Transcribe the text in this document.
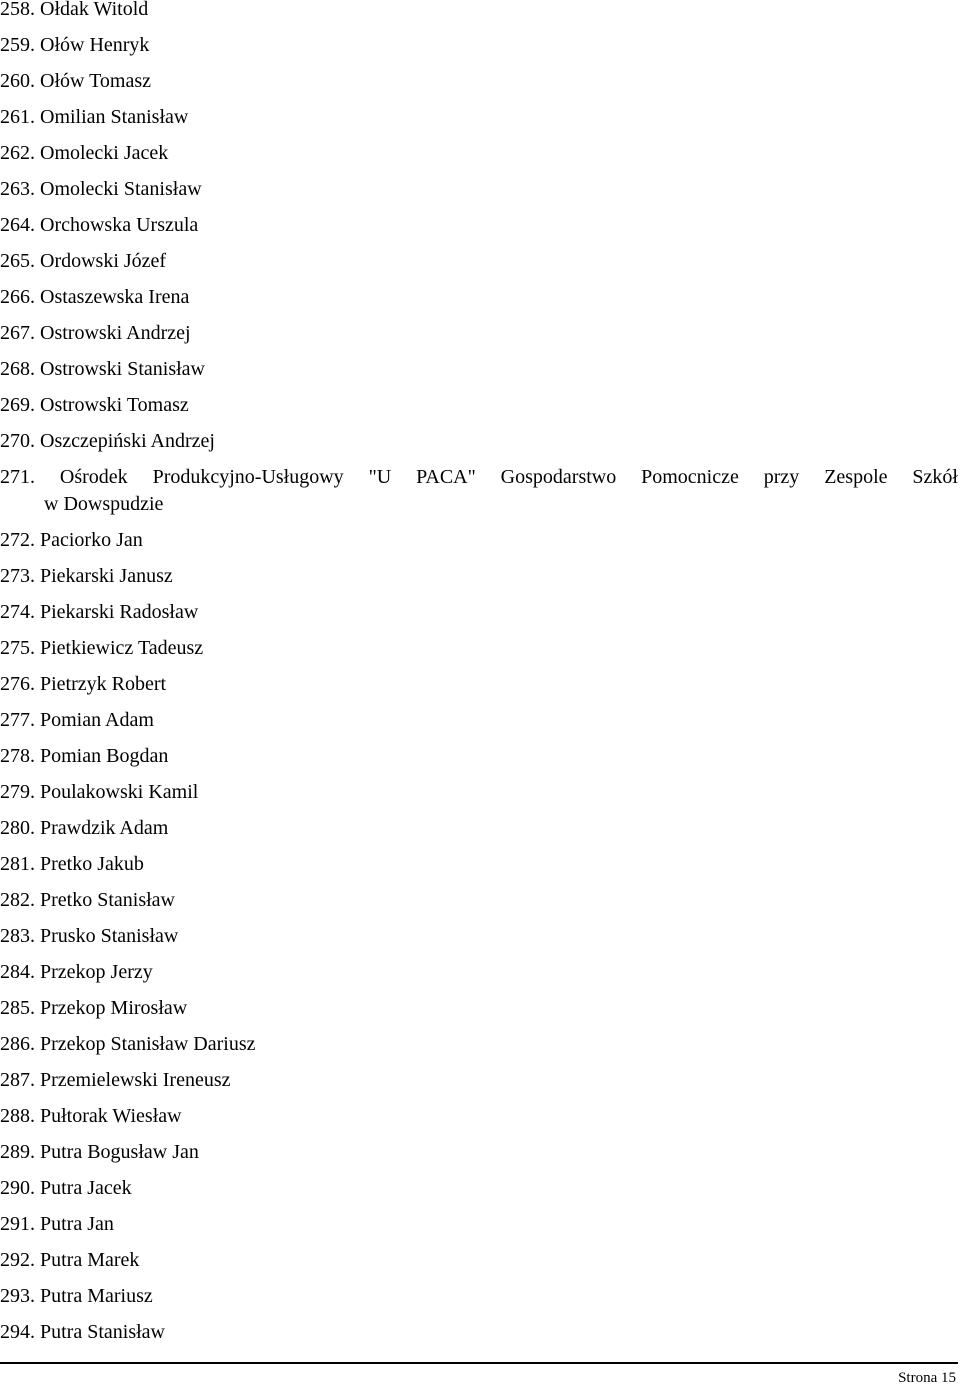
258. Ołdak Witold
259. Ołów Henryk
260. Ołów Tomasz
261. Omilian Stanisław
262. Omolecki Jacek
263. Omolecki Stanisław
264. Orchowska Urszula
265. Ordowski Józef
266. Ostaszewska Irena
267. Ostrowski Andrzej
268. Ostrowski Stanisław
269. Ostrowski Tomasz
270. Oszczepiński Andrzej
271. Ośrodek Produkcyjno-Usługowy "U PACA" Gospodarstwo Pomocnicze przy Zespole Szkół
w Dowspudzie
272. Paciorko Jan
273. Piekarski Janusz
274. Piekarski Radosław
275. Pietkiewicz Tadeusz
276. Pietrzyk Robert
277. Pomian Adam
278. Pomian Bogdan
279. Poulakowski Kamil
280. Prawdzik Adam
281. Pretko Jakub
282. Pretko Stanisław
283. Prusko Stanisław
284. Przekop Jerzy
285. Przekop Mirosław
286. Przekop Stanisław Dariusz
287. Przemielewski Ireneusz
288. Pułtorak Wiesław
289. Putra Bogusław Jan
290. Putra Jacek
291. Putra Jan
292. Putra Marek
293. Putra Mariusz
294. Putra Stanisław
Strona 15
